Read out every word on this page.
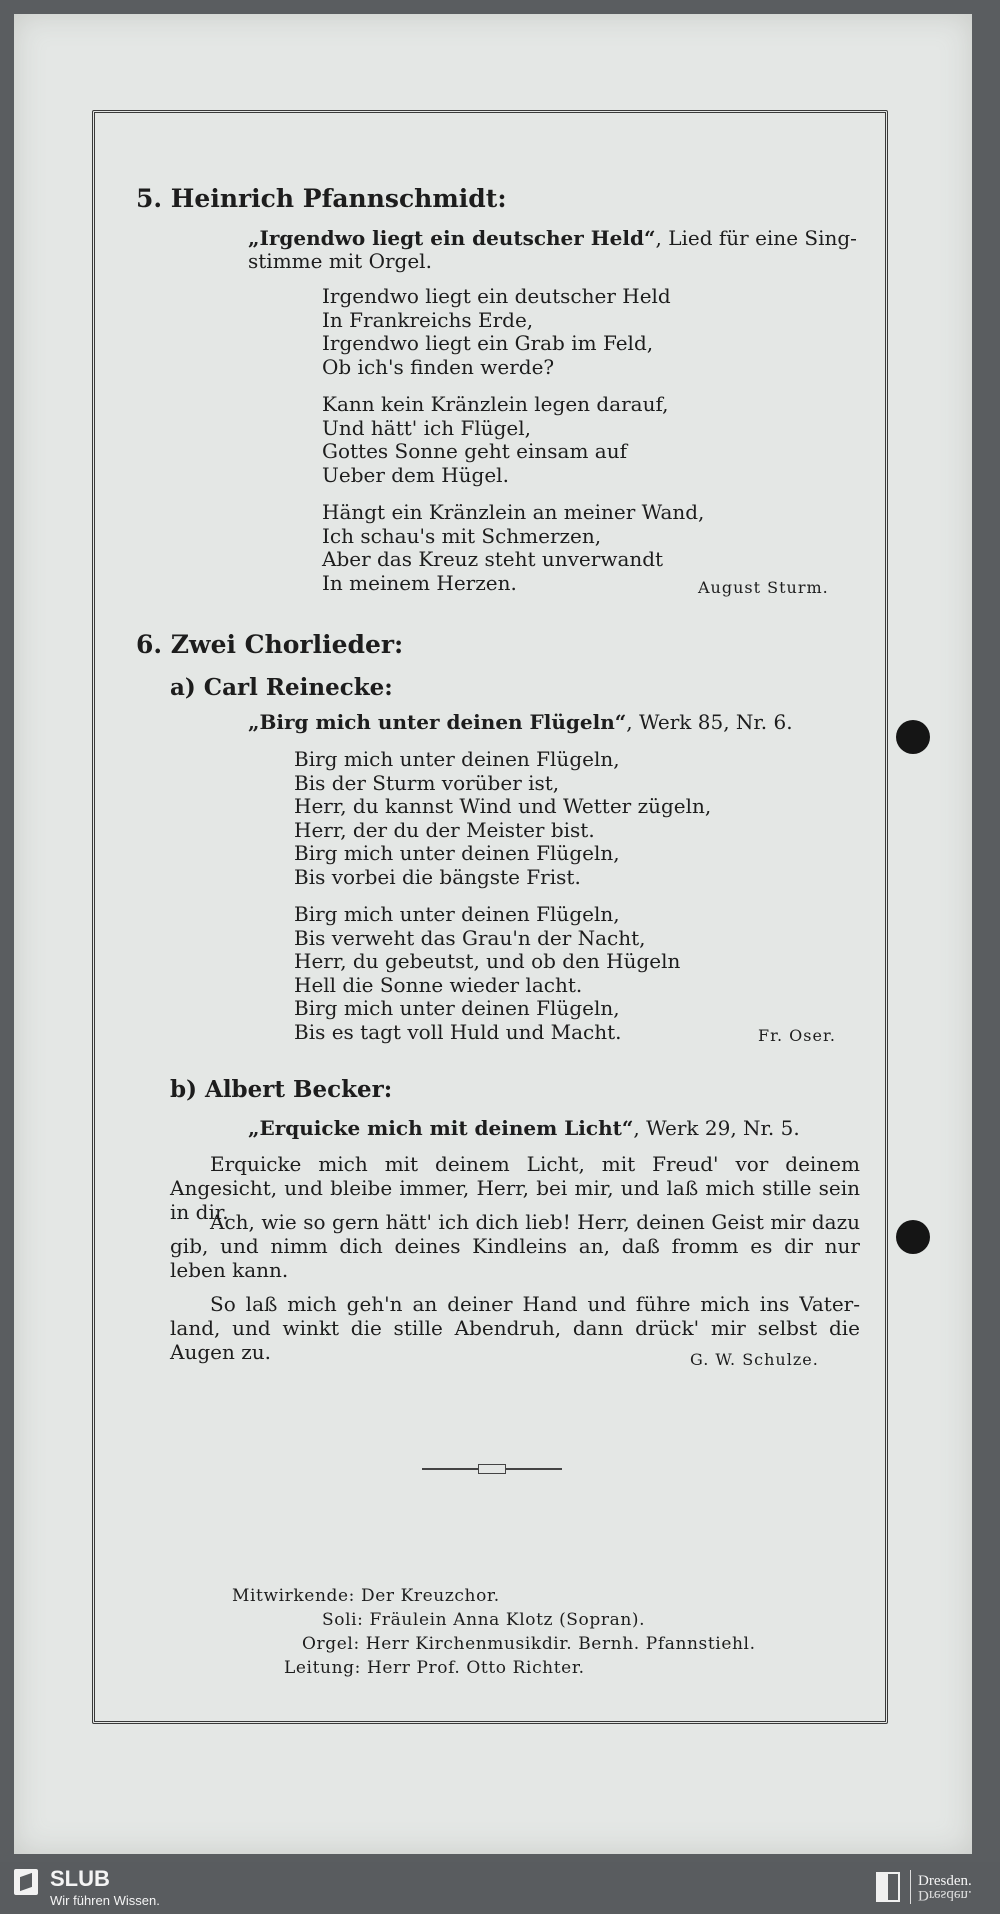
5. Heinrich Pfannschmidt:
„Irgendwo liegt ein deutscher Held“, Lied für eine Sing-
stimme mit Orgel.
Irgendwo liegt ein deutscher Held
In Frankreichs Erde,
Irgendwo liegt ein Grab im Feld,
Ob ich's finden werde?
Kann kein Kränzlein legen darauf,
Und hätt' ich Flügel,
Gottes Sonne geht einsam auf
Ueber dem Hügel.
Hängt ein Kränzlein an meiner Wand,
Ich schau's mit Schmerzen,
Aber das Kreuz steht unverwandt
In meinem Herzen.	August Sturm.
6. Zwei Chorlieder:
a) Carl Reinecke:
„Birg mich unter deinen Flügeln“, Werk 85, Nr. 6.
Birg mich unter deinen Flügeln,
Bis der Sturm vorüber ist,
Herr, du kannst Wind und Wetter zügeln,
Herr, der du der Meister bist.
Birg mich unter deinen Flügeln,
Bis vorbei die bängste Frist.
Birg mich unter deinen Flügeln,
Bis verweht das Grau'n der Nacht,
Herr, du gebeutst, und ob den Hügeln
Hell die Sonne wieder lacht.
Birg mich unter deinen Flügeln,
Bis es tagt voll Huld und Macht.	Fr. Oser.
b) Albert Becker:
„Erquicke mich mit deinem Licht“, Werk 29, Nr. 5.

Erquicke mich mit deinem Licht, mit Freud' vor deinem Angesicht, und bleibe immer, Herr, bei mir, und laß mich stille sein in dir.

Ach, wie so gern hätt' ich dich lieb! Herr, deinen Geist mir dazu gib, und nimm dich deines Kindleins an, daß fromm es dir nur leben kann.

So laß mich geh'n an deiner Hand und führe mich ins Vater-land, und winkt die stille Abendruh, dann drück' mir selbst die Augen zu.	G. W. Schulze.
Mitwirkende: Der Kreuzchor.
Soli: Fräulein Anna Klotz (Sopran).
Orgel: Herr Kirchenmusikdir. Bernh. Pfannstiehl.
Leitung: Herr Prof. Otto Richter.
SLUB
Wir führen Wissen.
Dresden.
Dresden.
